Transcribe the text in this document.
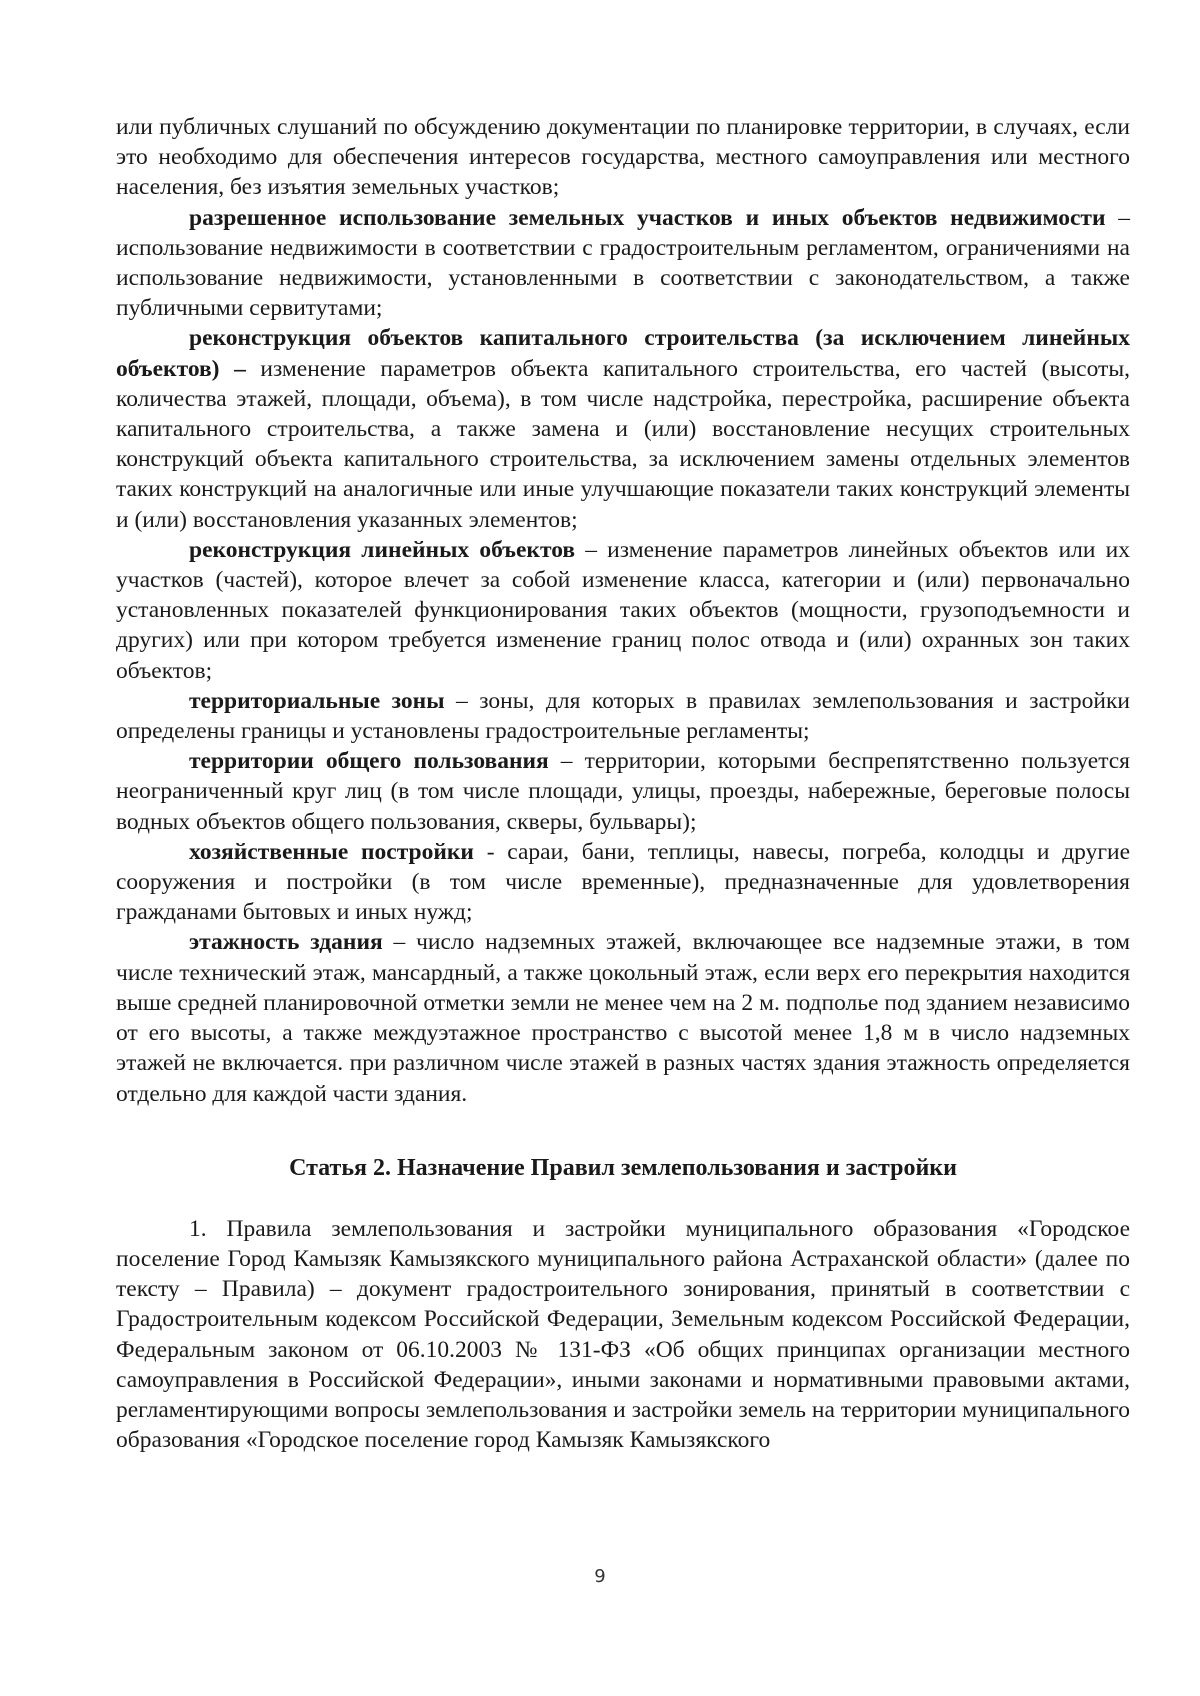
или публичных слушаний по обсуждению документации по планировке территории, в случаях, если это необходимо для обеспечения интересов государства, местного самоуправления или местного населения, без изъятия земельных участков;

разрешенное использование земельных участков и иных объектов недвижимости – использование недвижимости в соответствии с градостроительным регламентом, ограничениями на использование недвижимости, установленными в соответствии с законодательством, а также публичными сервитутами;

реконструкция объектов капитального строительства (за исключением линейных объектов) – изменение параметров объекта капитального строительства, его частей (высоты, количества этажей, площади, объема), в том числе надстройка, перестройка, расширение объекта капитального строительства, а также замена и (или) восстановление несущих строительных конструкций объекта капитального строительства, за исключением замены отдельных элементов таких конструкций на аналогичные или иные улучшающие показатели таких конструкций элементы и (или) восстановления указанных элементов;

реконструкция линейных объектов – изменение параметров линейных объектов или их участков (частей), которое влечет за собой изменение класса, категории и (или) первоначально установленных показателей функционирования таких объектов (мощности, грузоподъемности и других) или при котором требуется изменение границ полос отвода и (или) охранных зон таких объектов;

территориальные зоны – зоны, для которых в правилах землепользования и застройки определены границы и установлены градостроительные регламенты;

территории общего пользования – территории, которыми беспрепятственно пользуется неограниченный круг лиц (в том числе площади, улицы, проезды, набережные, береговые полосы водных объектов общего пользования, скверы, бульвары);

хозяйственные постройки - сараи, бани, теплицы, навесы, погреба, колодцы и другие сооружения и постройки (в том числе временные), предназначенные для удовлетворения гражданами бытовых и иных нужд;

этажность здания – число надземных этажей, включающее все надземные этажи, в том числе технический этаж, мансардный, а также цокольный этаж, если верх его перекрытия находится выше средней планировочной отметки земли не менее чем на 2 м. подполье под зданием независимо от его высоты, а также междуэтажное пространство с высотой менее 1,8 м в число надземных этажей не включается. при различном числе этажей в разных частях здания этажность определяется отдельно для каждой части здания.

Статья 2. Назначение Правил землепользования и застройки

1. Правила землепользования и застройки муниципального образования «Городское поселение Город Камызяк Камызякского муниципального района Астраханской области» (далее по тексту – Правила) – документ градостроительного зонирования, принятый в соответствии с Градостроительным кодексом Российской Федерации, Земельным кодексом Российской Федерации, Федеральным законом от 06.10.2003 № 131-ФЗ «Об общих принципах организации местного самоуправления в Российской Федерации», иными законами и нормативными правовыми актами, регламентирующими вопросы землепользования и застройки земель на территории муниципального образования «Городское поселение город Камызяк Камызякского

9
